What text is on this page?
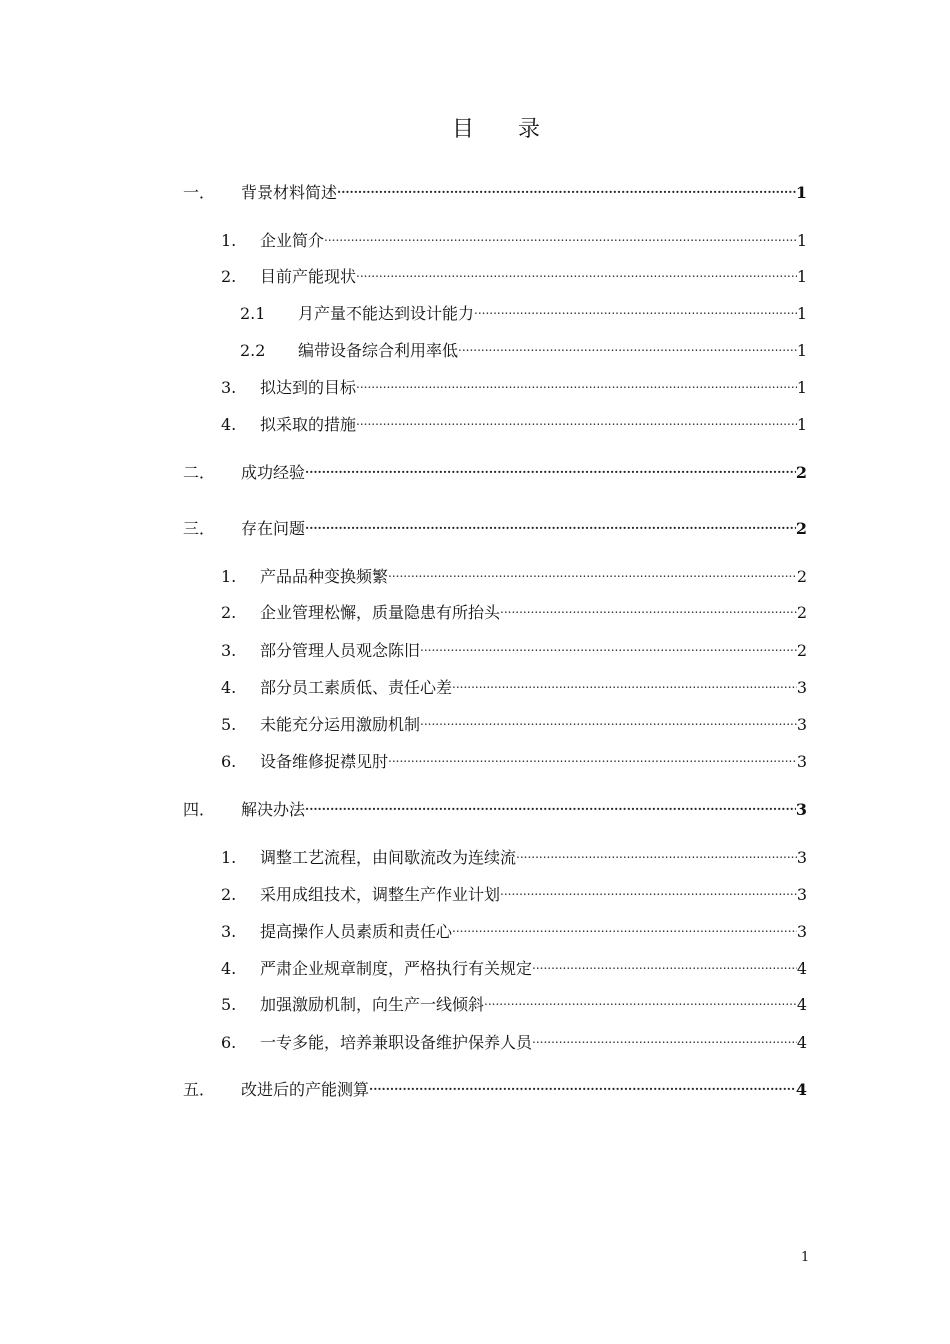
目 录
一．	背景材料简述 .....	1
1.	企业简介 .....	1
2.	目前产能现状 .....	1
2.1	月产量不能达到设计能力 .....	1
2.2	编带设备综合利用率低 .....	1
3.	拟达到的目标 .....	1
4.	拟采取的措施 .....	1
二．	成功经验 .....	2
三．	存在问题 .....	2
1.	产品品种变换频繁 .....	2
2.	企业管理松懈，质量隐患有所抬头 .....	2
3.	部分管理人员观念陈旧 .....	2
4.	部分员工素质低、责任心差 .....	3
5.	未能充分运用激励机制 .....	3
6.	设备维修捉襟见肘 .....	3
四．	解决办法 .....	3
1.	调整工艺流程，由间歇流改为连续流 .....	3
2.	采用成组技术，调整生产作业计划 .....	3
3.	提高操作人员素质和责任心 .....	3
4.	严肃企业规章制度，严格执行有关规定 .....	4
5.	加强激励机制，向生产一线倾斜 .....	4
6.	一专多能，培养兼职设备维护保养人员 .....	4
五．	改进后的产能测算 .....	4
1
